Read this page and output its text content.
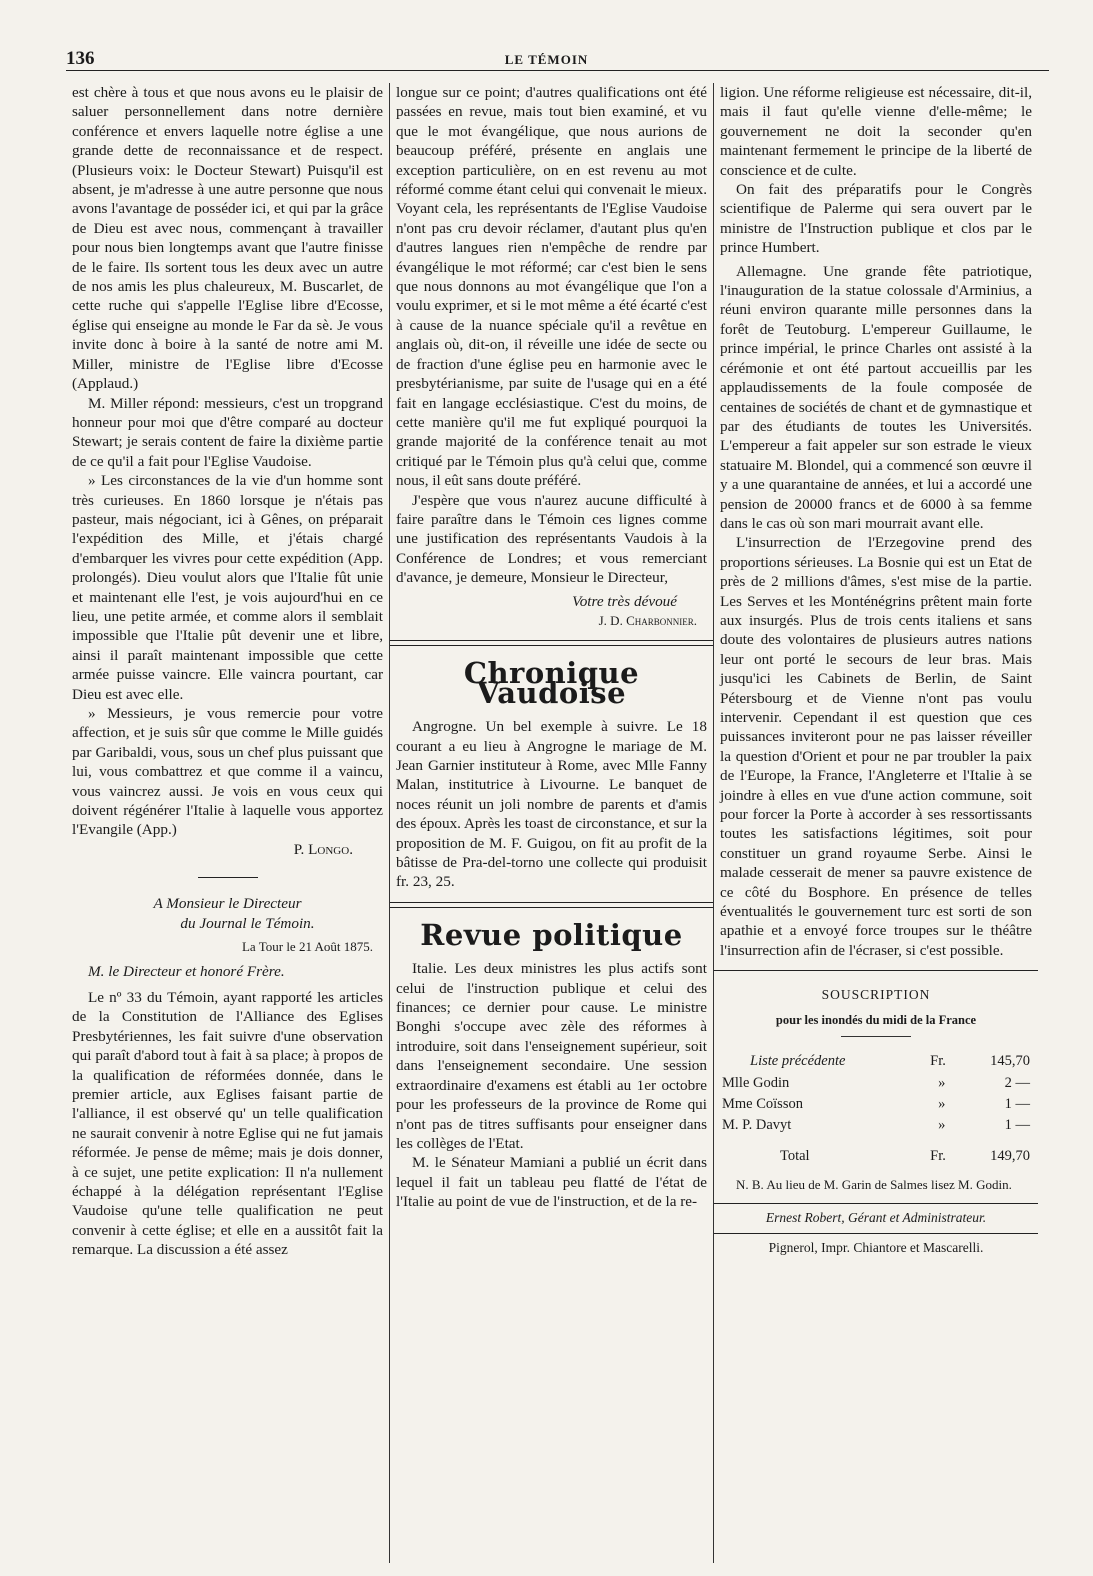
136	LE TÉMOIN

est chère à tous et que nous avons eu le plaisir de saluer personnellement dans notre dernière conférence et envers laquelle notre église a une grande dette de reconnaissance et de respect. (Plusieurs voix: le Docteur Stewart) Puisqu'il est absent, je m'adresse à une autre personne que nous avons l'avantage de posséder ici, et qui par la grâce de Dieu est avec nous, commençant à travailler pour nous bien longtemps avant que l'autre finisse de le faire. Ils sortent tous les deux avec un autre de nos amis les plus chaleureux, M. Buscarlet, de cette ruche qui s'appelle l'Eglise libre d'Ecosse, église qui enseigne au monde le Far da sè. Je vous invite donc à boire à la santé de notre ami M. Miller, ministre de l'Eglise libre d'Ecosse (Applaud.)

M. Miller répond: messieurs, c'est un tropgrand honneur pour moi que d'être comparé au docteur Stewart; je serais content de faire la dixième partie de ce qu'il a fait pour l'Eglise Vaudoise.

» Les circonstances de la vie d'un homme sont très curieuses. En 1860 lorsque je n'étais pas pasteur, mais négociant, ici à Gênes, on préparait l'expédition des Mille, et j'étais chargé d'embarquer les vivres pour cette expédition (App. prolongés). Dieu voulut alors que l'Italie fût unie et maintenant elle l'est, je vois aujourd'hui en ce lieu, une petite armée, et comme alors il semblait impossible que l'Italie pût devenir une et libre, ainsi il paraît maintenant impossible que cette armée puisse vaincre. Elle vaincra pourtant, car Dieu est avec elle.

» Messieurs, je vous remercie pour votre affection, et je suis sûr que comme le Mille guidés par Garibaldi, vous, sous un chef plus puissant que lui, vous combattrez et que comme il a vaincu, vous vaincrez aussi. Je vois en vous ceux qui doivent régénérer l'Italie à laquelle vous apportez l'Evangile (App.)

P. Longo.

A Monsieur le Directeur

du Journal le Témoin.

La Tour le 21 Août 1875.

M. le Directeur et honoré Frère.

Le nº 33 du Témoin, ayant rapporté les articles de la Constitution de l'Alliance des Eglises Presbytériennes, les fait suivre d'une observation qui paraît d'abord tout à fait à sa place; à propos de la qualification de réformées donnée, dans le premier article, aux Eglises faisant partie de l'alliance, il est observé qu' un telle qualification ne saurait convenir à notre Eglise qui ne fut jamais réformée. Je pense de même; mais je dois donner, à ce sujet, une petite explication: Il n'a nullement échappé à la délégation représentant l'Eglise Vaudoise qu'une telle qualification ne peut convenir à cette église; et elle en a aussitôt fait la remarque. La discussion a été assez

longue sur ce point; d'autres qualifications ont été passées en revue, mais tout bien examiné, et vu que le mot évangélique, que nous aurions de beaucoup préféré, présente en anglais une exception particulière, on en est revenu au mot réformé comme étant celui qui convenait le mieux. Voyant cela, les représentants de l'Eglise Vaudoise n'ont pas cru devoir réclamer, d'autant plus qu'en d'autres langues rien n'empêche de rendre par évangélique le mot réformé; car c'est bien le sens que nous donnons au mot évangélique que l'on a voulu exprimer, et si le mot même a été écarté c'est à cause de la nuance spéciale qu'il a revêtue en anglais où, dit-on, il réveille une idée de secte ou de fraction d'une église peu en harmonie avec le presbytérianisme, par suite de l'usage qui en a été fait en langage ecclésiastique. C'est du moins, de cette manière qu'il me fut expliqué pourquoi la grande majorité de la conférence tenait au mot critiqué par le Témoin plus qu'à celui que, comme nous, il eût sans doute préféré.

J'espère que vous n'aurez aucune difficulté à faire paraître dans le Témoin ces lignes comme une justification des représentants Vaudois à la Conférence de Londres; et vous remerciant d'avance, je demeure, Monsieur le Directeur,

Votre très dévoué

J. D. Charbonnier.

Chronique Vaudoise

Angrogne. Un bel exemple à suivre. Le 18 courant a eu lieu à Angrogne le mariage de M. Jean Garnier instituteur à Rome, avec Mlle Fanny Malan, institutrice à Livourne. Le banquet de noces réunit un joli nombre de parents et d'amis des époux. Après les toast de circonstance, et sur la proposition de M. F. Guigou, on fit au profit de la bâtisse de Pra-del-torno une collecte qui produisit fr. 23, 25.

Revue politique

Italie. Les deux ministres les plus actifs sont celui de l'instruction publique et celui des finances; ce dernier pour cause. Le ministre Bonghi s'occupe avec zèle des réformes à introduire, soit dans l'enseignement supérieur, soit dans l'enseignement secondaire. Une session extraordinaire d'examens est établi au 1er octobre pour les professeurs de la province de Rome qui n'ont pas de titres suffisants pour enseigner dans les collèges de l'Etat.

M. le Sénateur Mamiani a publié un écrit dans lequel il fait un tableau peu flatté de l'état de l'Italie au point de vue de l'instruction, et de la re-

ligion. Une réforme religieuse est nécessaire, dit-il, mais il faut qu'elle vienne d'elle-même; le gouvernement ne doit la seconder qu'en maintenant fermement le principe de la liberté de conscience et de culte.

On fait des préparatifs pour le Congrès scientifique de Palerme qui sera ouvert par le ministre de l'Instruction publique et clos par le prince Humbert.

Allemagne. Une grande fête patriotique, l'inauguration de la statue colossale d'Arminius, a réuni environ quarante mille personnes dans la forêt de Teutoburg. L'empereur Guillaume, le prince impérial, le prince Charles ont assisté à la cérémonie et ont été partout accueillis par les applaudissements de la foule composée de centaines de sociétés de chant et de gymnastique et par des étudiants de toutes les Universités. L'empereur a fait appeler sur son estrade le vieux statuaire M. Blondel, qui a commencé son œuvre il y a une quarantaine de années, et lui a accordé une pension de 20000 francs et de 6000 à sa femme dans le cas où son mari mourrait avant elle.

L'insurrection de l'Erzegovine prend des proportions sérieuses. La Bosnie qui est un Etat de près de 2 millions d'âmes, s'est mise de la partie. Les Serves et les Monténégrins prêtent main forte aux insurgés. Plus de trois cents italiens et sans doute des volontaires de plusieurs autres nations leur ont porté le secours de leur bras. Mais jusqu'ici les Cabinets de Berlin, de Saint Pétersbourg et de Vienne n'ont pas voulu intervenir. Cependant il est question que ces puissances inviteront pour ne pas laisser réveiller la question d'Orient et pour ne par troubler la paix de l'Europe, la France, l'Angleterre et l'Italie à se joindre à elles en vue d'une action commune, soit pour forcer la Porte à accorder à ses ressortissants toutes les satisfactions légitimes, soit pour constituer un grand royaume Serbe. Ainsi le malade cesserait de mener sa pauvre existence de ce côté du Bosphore. En présence de telles éventualités le gouvernement turc est sorti de son apathie et a envoyé force troupes sur le théâtre l'insurrection afin de l'écraser, si c'est possible.

SOUSCRIPTION
pour les inondés du midi de la France
Liste précédente	Fr.	145,70
Mlle Godin	»	2 —
Mme Coïsson	»	1 —
M. P. Davyt	»	1 —
Total	Fr.	149,70

N. B. Au lieu de M. Garin de Salmes lisez M. Godin.

Ernest Robert, Gérant et Administrateur.
Pignerol, Impr. Chiantore et Mascarelli.
